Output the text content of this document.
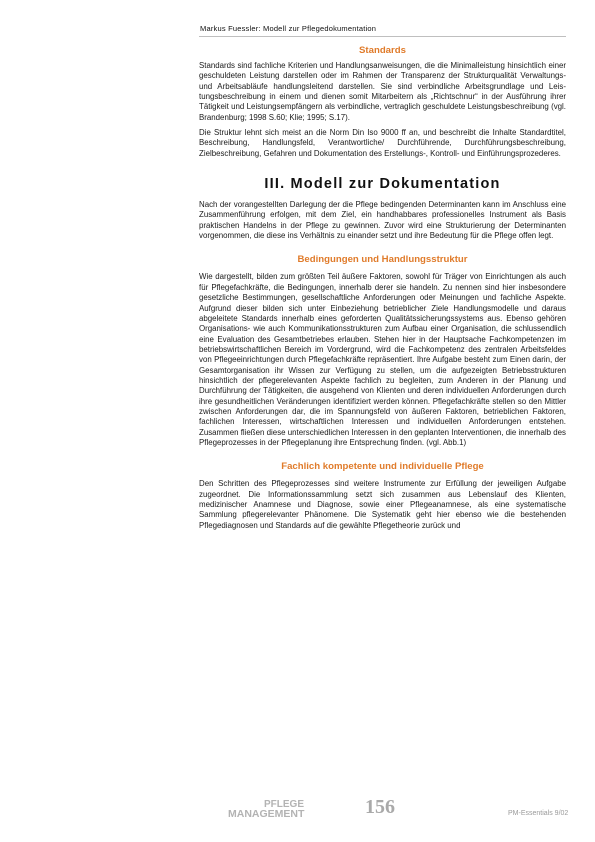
Markus Fuessler: Modell zur Pflegedokumentation
Standards

Standards sind fachliche Kriterien und Handlungsanweisungen, die die Minimalleistung hinsichtlich einer geschuldeten Leistung darstellen oder im Rahmen der Transparenz der Strukturqualität Verwaltungs- und Arbeitsabläufe handlungsleitend darstellen. Sie sind verbindliche Arbeitsgrundlage und Leistungsbeschreibung in einem und dienen somit Mitarbeitern als „Richtschnur“ in der Ausführung ihrer Tätigkeit und Leistungsempfängern als verbindliche, vertraglich geschuldete Leistungsbeschreibung (vgl. Brandenburg; 1998 S.60; Klie; 1995; S.17).

Die Struktur lehnt sich meist an die Norm Din Iso 9000 ff an, und beschreibt die Inhalte Standardtitel, Beschreibung, Handlungsfeld, Verantwortliche/ Durchführende, Durchführungsbeschreibung, Zielbeschreibung, Gefahren und Dokumentation des Erstellungs-, Kontroll- und Einführungsprozederes.

III. Modell zur Dokumentation

Nach der vorangestellten Darlegung der die Pflege bedingenden Determinanten kann im Anschluss eine Zusammenführung erfolgen, mit dem Ziel, ein handhabbares professionelles Instrument als Basis praktischen Handelns in der Pflege zu gewinnen. Zuvor wird eine Strukturierung der Determinanten vorgenommen, die diese ins Verhältnis zu einander setzt und ihre Bedeutung für die Pflege offen legt.

Bedingungen und Handlungsstruktur

Wie dargestellt, bilden zum größten Teil äußere Faktoren, sowohl für Träger von Einrichtungen als auch für Pflegefachkräfte, die Bedingungen, innerhalb derer sie handeln. Zu nennen sind hier insbesondere gesetzliche Bestimmungen, gesellschaftliche Anforderungen oder Meinungen und fachliche Aspekte. Aufgrund dieser bilden sich unter Einbeziehung betrieblicher Ziele Handlungsmodelle und daraus abgeleitete Standards innerhalb eines geforderten Qualitätssicherungssystems aus. Ebenso gehören Organisations- wie auch Kommunikationsstrukturen zum Aufbau einer Organisation, die schlussendlich eine Evaluation des Gesamtbetriebes erlauben. Stehen hier in der Hauptsache Fachkompetenzen im betriebswirtschaftlichen Bereich im Vordergrund, wird die Fachkompetenz des zentralen Arbeitsfeldes von Pflegeeinrichtungen durch Pflegefachkräfte repräsentiert. Ihre Aufgabe besteht zum Einen darin, der Gesamtorganisation ihr Wissen zur Verfügung zu stellen, um die aufgezeigten Betriebsstrukturen hinsichtlich der pflegerelevanten Aspekte fachlich zu begleiten, zum Anderen in der Planung und Durchführung der Tätigkeiten, die ausgehend von Klienten und deren individuellen Anforderungen durch ihre gesundheitlichen Veränderungen identifiziert werden können. Pflegefachkräfte stellen so den Mittler zwischen Anforderungen dar, die im Spannungsfeld von äußeren Faktoren, betrieblichen Faktoren, fachlichen Interessen, wirtschaftlichen Interessen und individuellen Anforderungen entstehen. Zusammen fließen diese unterschiedlichen Interessen in den geplanten Interventionen, die innerhalb des Pflegeprozesses in der Pflegeplanung ihre Entsprechung finden. (vgl. Abb.1)

Fachlich kompetente und individuelle Pflege

Den Schritten des Pflegeprozesses sind weitere Instrumente zur Erfüllung der jeweiligen Aufgabe zugeordnet. Die Informationssammlung setzt sich zusammen aus Lebenslauf des Klienten, medizinischer Anamnese und Diagnose, sowie einer Pflegeanamnese, als eine systematische Sammlung pflegerelevanter Phänomene. Die Systematik geht hier ebenso wie die bestehenden Pflegediagnosen und Standards auf die gewählte Pflegetheorie zurück und

PFLEGE
MANAGEMENT	156	PM-Essentials 9/02
